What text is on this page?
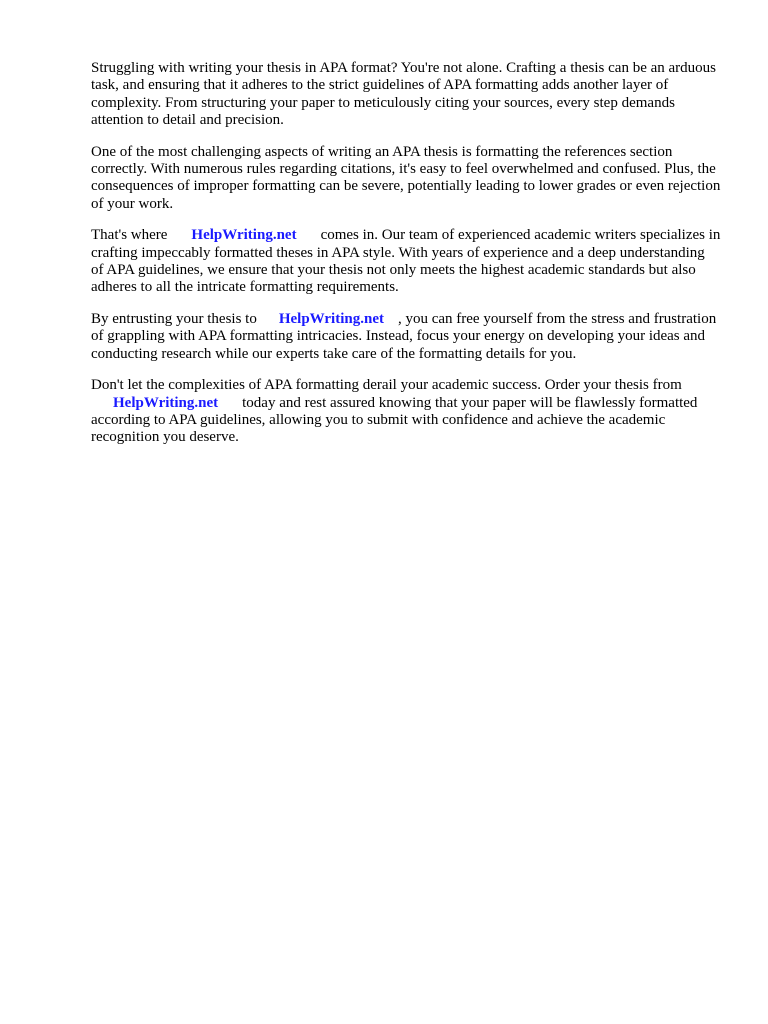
Struggling with writing your thesis in APA format? You're not alone. Crafting a thesis can be an arduous task, and ensuring that it adheres to the strict guidelines of APA formatting adds another layer of complexity. From structuring your paper to meticulously citing your sources, every step demands attention to detail and precision.

One of the most challenging aspects of writing an APA thesis is formatting the references section correctly. With numerous rules regarding citations, it's easy to feel overwhelmed and confused. Plus, the consequences of improper formatting can be severe, potentially leading to lower grades or even rejection of your work.

That's where HelpWriting.net comes in. Our team of experienced academic writers specializes in crafting impeccably formatted theses in APA style. With years of experience and a deep understanding of APA guidelines, we ensure that your thesis not only meets the highest academic standards but also adheres to all the intricate formatting requirements.

By entrusting your thesis to HelpWriting.net , you can free yourself from the stress and frustration of grappling with APA formatting intricacies. Instead, focus your energy on developing your ideas and conducting research while our experts take care of the formatting details for you.

Don't let the complexities of APA formatting derail your academic success. Order your thesis from
HelpWriting.net today and rest assured knowing that your paper will be flawlessly formatted according to APA guidelines, allowing you to submit with confidence and achieve the academic recognition you deserve.
